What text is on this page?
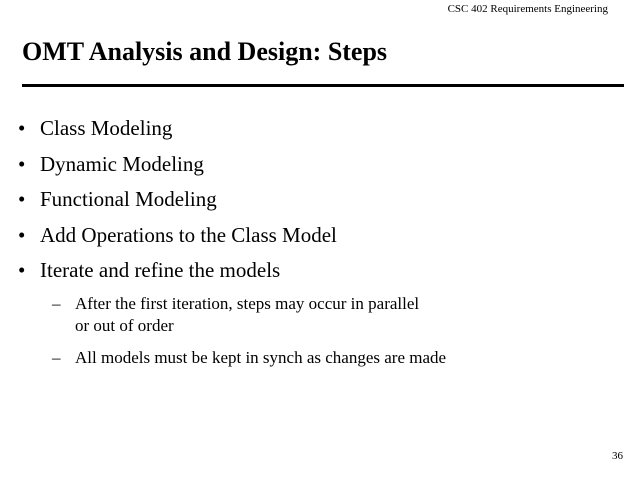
CSC 402 Requirements Engineering
OMT Analysis and Design: Steps
• Class Modeling
• Dynamic Modeling
• Functional Modeling
• Add Operations to the Class Model
• Iterate and refine the models
– After the first iteration, steps may occur in parallel
or out of order
– All models must be kept in synch as changes are made
36
